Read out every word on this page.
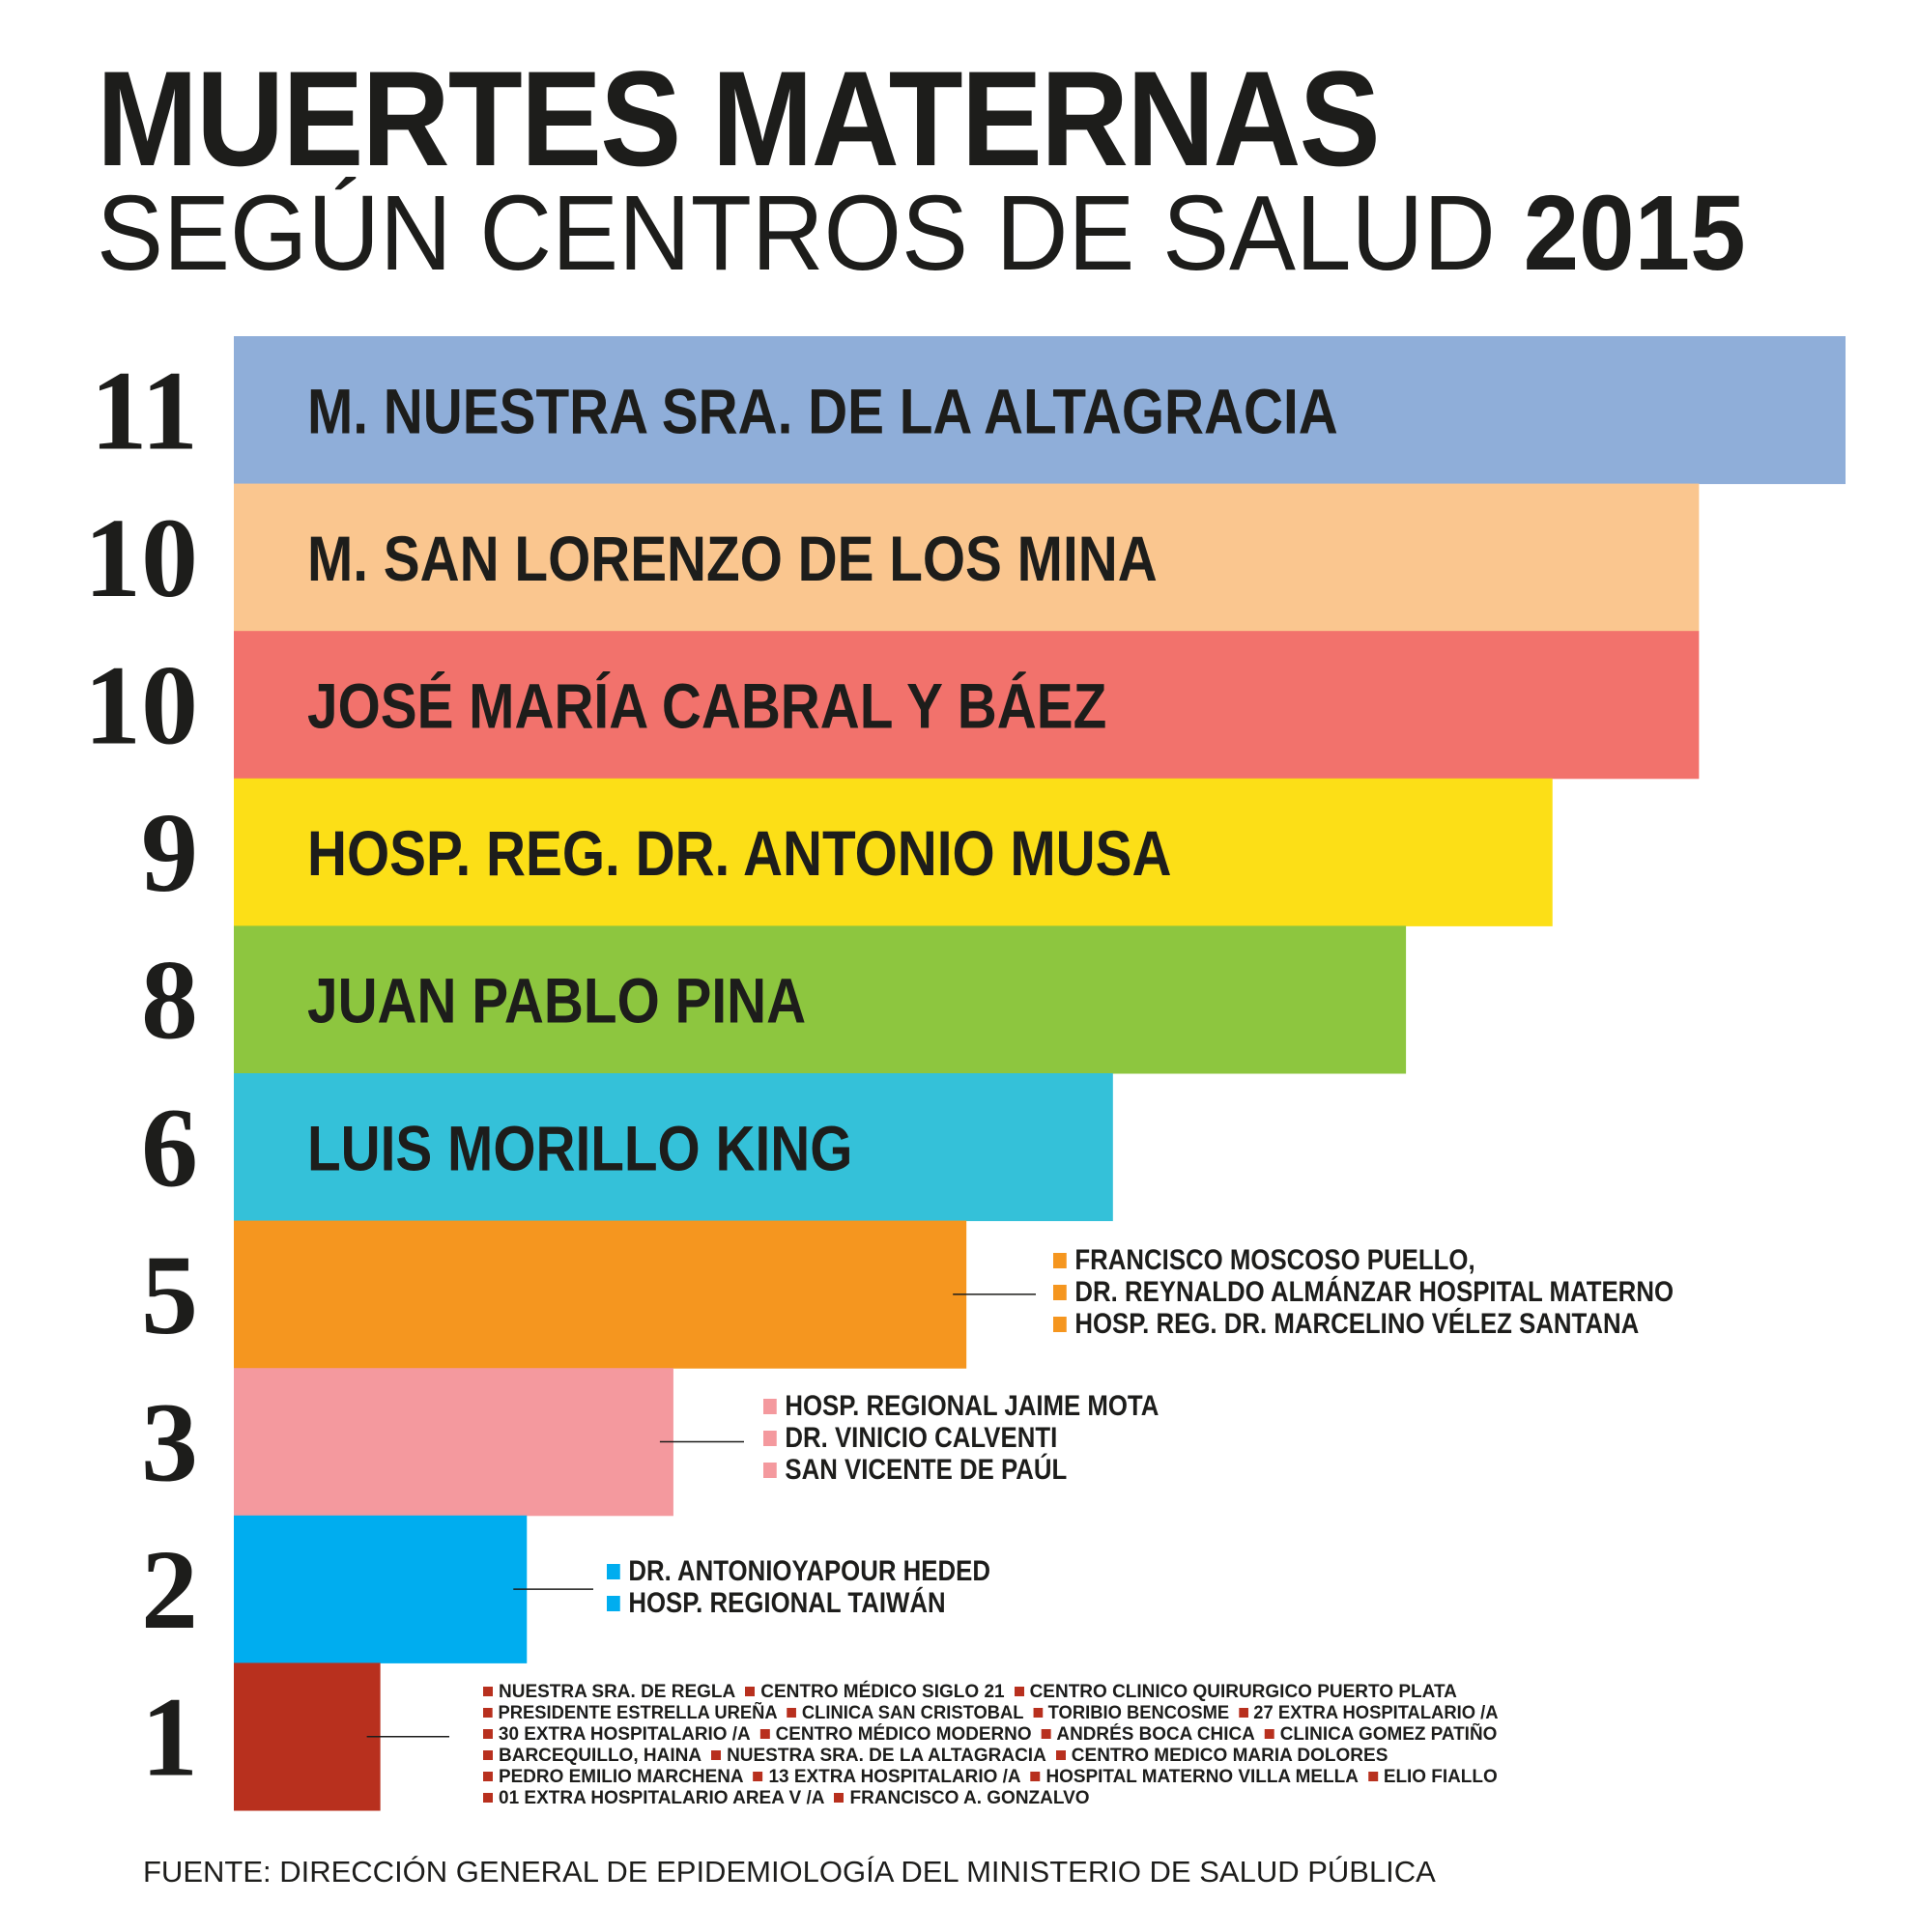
MUERTES MATERNAS
SEGÚN CENTROS DE SALUD 2015
11 M. NUESTRA SRA. DE LA ALTAGRACIA
10 M. SAN LORENZO DE LOS MINA
10 JOSÉ MARÍA CABRAL Y BÁEZ
9 HOSP. REG. DR. ANTONIO MUSA
8 JUAN PABLO PINA
6 LUIS MORILLO KING
5
3
2
1
FRANCISCO MOSCOSO PUELLO,
DR. REYNALDO ALMÁNZAR HOSPITAL MATERNO
HOSP. REG. DR. MARCELINO VÉLEZ SANTANA
HOSP. REGIONAL JAIME MOTA
DR. VINICIO CALVENTI
SAN VICENTE DE PAÚL
DR. ANTONIOYAPOUR HEDED
HOSP. REGIONAL TAIWÁN
NUESTRA SRA. DE REGLA CENTRO MÉDICO SIGLO 21 CENTRO CLINICO QUIRURGICO PUERTO PLATA
PRESIDENTE ESTRELLA UREÑA CLINICA SAN CRISTOBAL TORIBIO BENCOSME 27 EXTRA HOSPITALARIO /A
30 EXTRA HOSPITALARIO /A CENTRO MÉDICO MODERNO ANDRÉS BOCA CHICA CLINICA GOMEZ PATIÑO
BARCEQUILLO, HAINA NUESTRA SRA. DE LA ALTAGRACIA CENTRO MEDICO MARIA DOLORES
PEDRO EMILIO MARCHENA 13 EXTRA HOSPITALARIO /A HOSPITAL MATERNO VILLA MELLA ELIO FIALLO
01 EXTRA HOSPITALARIO AREA V /A FRANCISCO A. GONZALVO

FUENTE: DIRECCIÓN GENERAL DE EPIDEMIOLOGÍA DEL MINISTERIO DE SALUD PÚBLICA
